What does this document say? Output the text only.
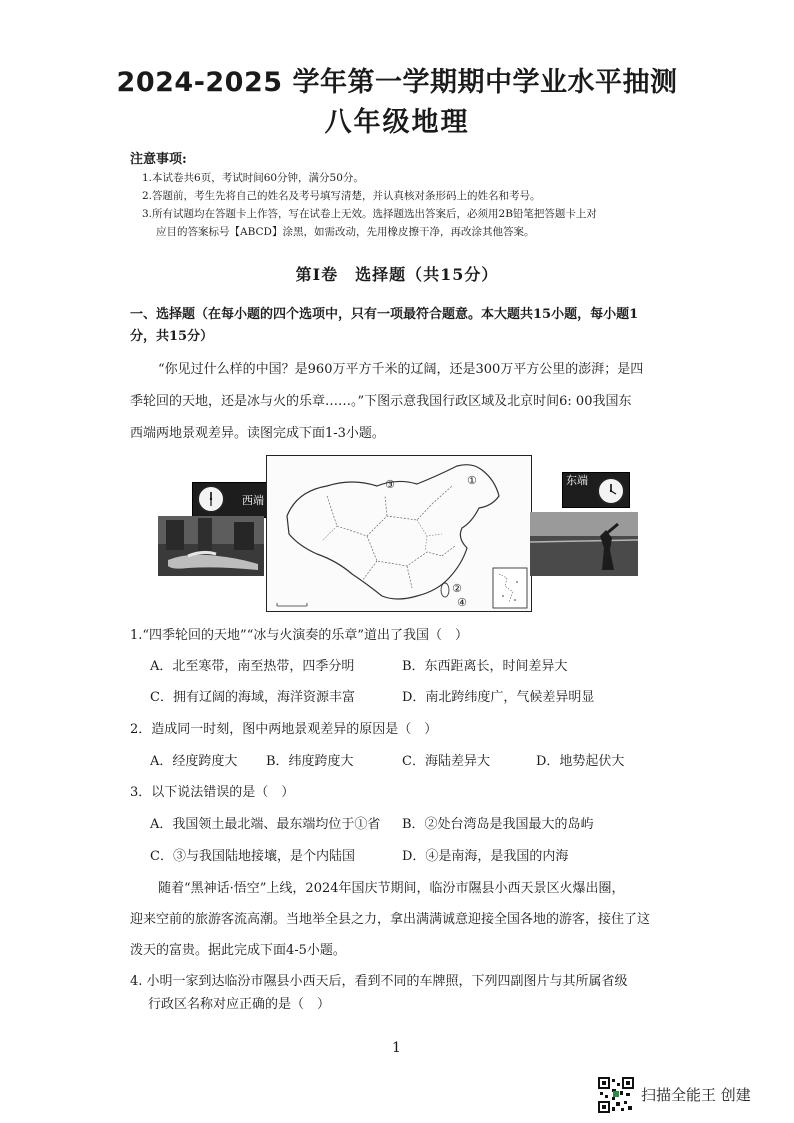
2024-2025 学年第一学期期中学业水平抽测
八年级地理
注意事项:
1.本试卷共6页，考试时间60分钟，满分50分。
2.答题前，考生先将自己的姓名及考号填写清楚，并认真核对条形码上的姓名和考号。
3.所有试题均在答题卡上作答，写在试卷上无效。选择题选出答案后，必须用2B铅笔把答题卡上对
应目的答案标号【ABCD】涂黑，如需改动，先用橡皮擦干净，再改涂其他答案。
第Ⅰ卷　选择题（共15分）
一、选择题（在每小题的四个选项中，只有一项最符合题意。本大题共15小题，每小题1
分，共15分）
“你见过什么样的中国？是960万平方千米的辽阔，还是300万平方公里的澎湃；是四
季轮回的天地，还是冰与火的乐章……。”下图示意我国行政区域及北京时间6: 00我国东
西端两地景观差异。读图完成下面1-3小题。
西端
③	①
②
④
东端
1.“四季轮回的天地”“冰与火演奏的乐章”道出了我国（　）
A．北至寒带，南至热带，四季分明	B．东西距离长，时间差异大
C．拥有辽阔的海域，海洋资源丰富	D．南北跨纬度广，气候差异明显
2．造成同一时刻，图中两地景观差异的原因是（　）
A．经度跨度大 B．纬度跨度大	C．海陆差异大	D．地势起伏大
3．以下说法错误的是（　）
A．我国领土最北端、最东端均位于①省 B．②处台湾岛是我国最大的岛屿
C．③与我国陆地接壤，是个内陆国	D．④是南海，是我国的内海
随着“黑神话·悟空”上线，2024年国庆节期间，临汾市隰县小西天景区火爆出圈，
迎来空前的旅游客流高潮。当地举全县之力，拿出满满诚意迎接全国各地的游客，接住了这
泼天的富贵。据此完成下面4-5小题。
4. 小明一家到达临汾市隰县小西天后，看到不同的车牌照，下列四副图片与其所属省级
行政区名称对应正确的是（　）
1
扫描全能王 创建
